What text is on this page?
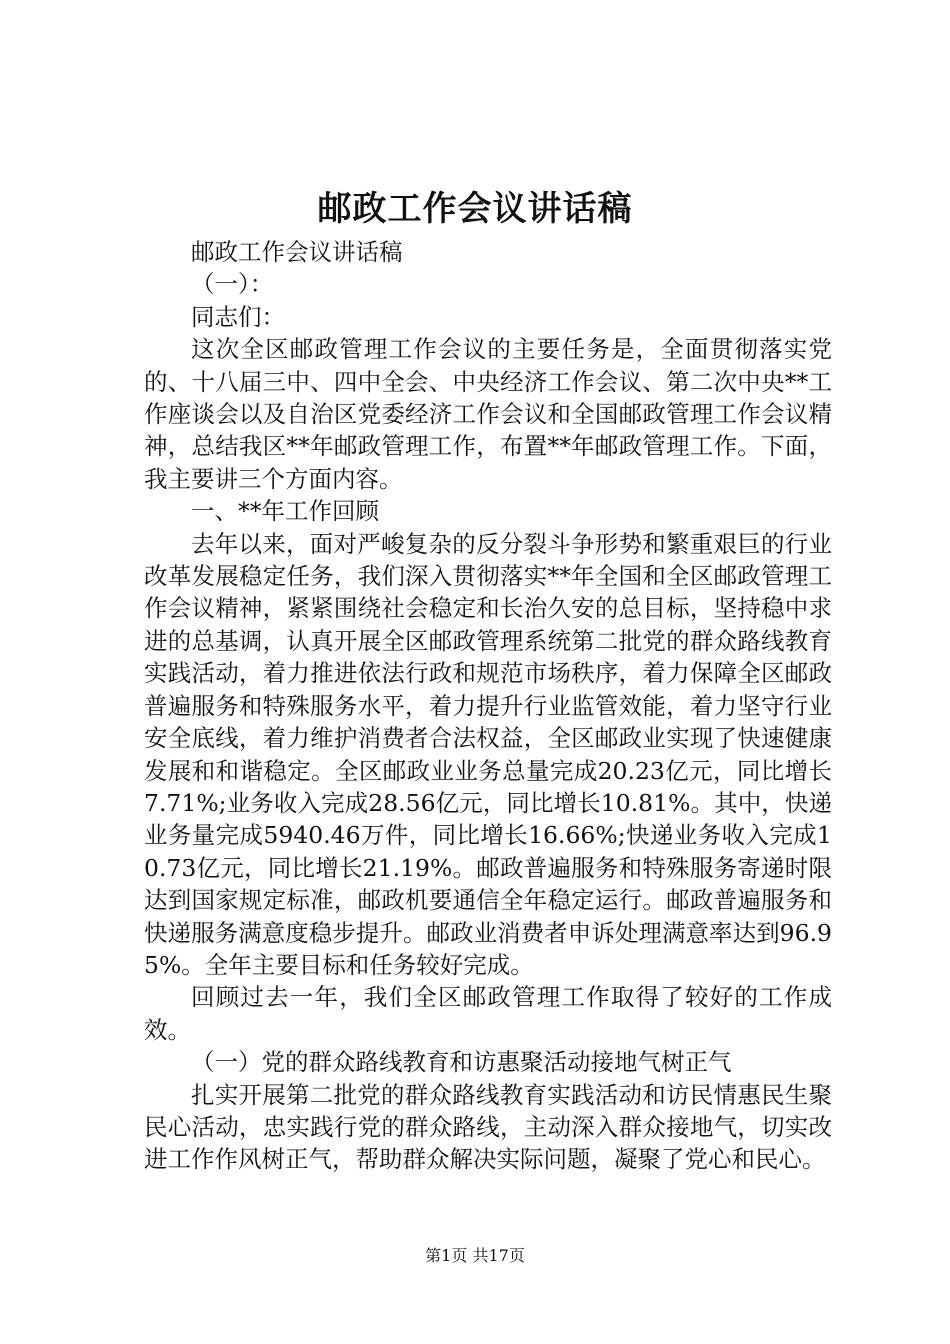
邮政工作会议讲话稿

邮政工作会议讲话稿

（一）：

同志们：

这次全区邮政管理工作会议的主要任务是，全面贯彻落实党的、十八届三中、四中全会、中央经济工作会议、第二次中央**工作座谈会以及自治区党委经济工作会议和全国邮政管理工作会议精神，总结我区**年邮政管理工作，布置**年邮政管理工作。下面，我主要讲三个方面内容。

一、**年工作回顾

去年以来，面对严峻复杂的反分裂斗争形势和繁重艰巨的行业改革发展稳定任务，我们深入贯彻落实**年全国和全区邮政管理工作会议精神，紧紧围绕社会稳定和长治久安的总目标，坚持稳中求进的总基调，认真开展全区邮政管理系统第二批党的群众路线教育实践活动，着力推进依法行政和规范市场秩序，着力保障全区邮政普遍服务和特殊服务水平，着力提升行业监管效能，着力坚守行业安全底线，着力维护消费者合法权益，全区邮政业实现了快速健康发展和和谐稳定。全区邮政业业务总量完成20.23亿元，同比增长7.71%;业务收入完成28.56亿元，同比增长10.81%。其中，快递业务量完成5940.46万件，同比增长16.66%;快递业务收入完成10.73亿元，同比增长21.19%。邮政普遍服务和特殊服务寄递时限达到国家规定标准，邮政机要通信全年稳定运行。邮政普遍服务和快递服务满意度稳步提升。邮政业消费者申诉处理满意率达到96.95%。全年主要目标和任务较好完成。

回顾过去一年，我们全区邮政管理工作取得了较好的工作成效。

（一）党的群众路线教育和访惠聚活动接地气树正气

扎实开展第二批党的群众路线教育实践活动和访民情惠民生聚民心活动，忠实践行党的群众路线，主动深入群众接地气，切实改进工作作风树正气，帮助群众解决实际问题，凝聚了党心和民心。

第1页 共17页
